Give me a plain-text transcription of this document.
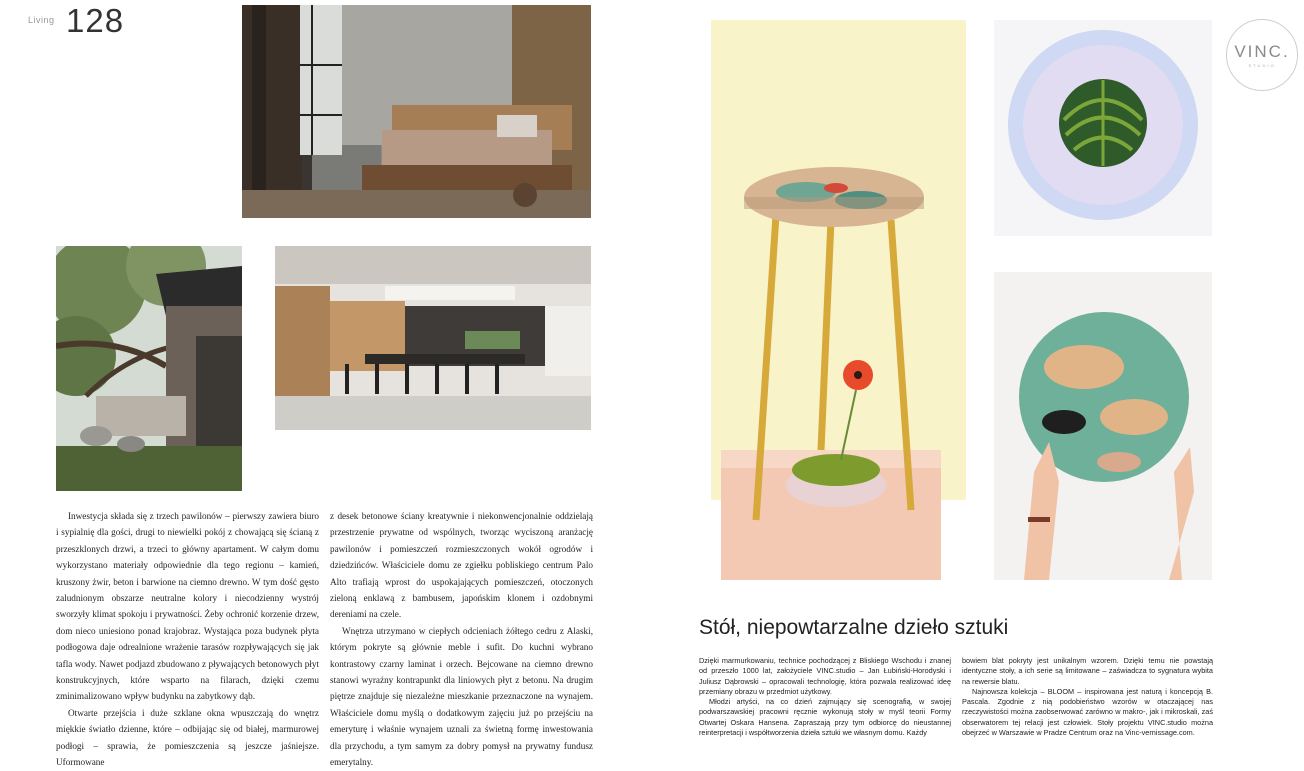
Living 128
VINC.
STUDIO

Inwestycja składa się z trzech pawilonów – pierwszy zawiera biuro i sypialnię dla gości, drugi to niewielki pokój z chowającą się ścianą z przeszklonych drzwi, a trzeci to główny apartament. W całym domu wykorzystano materiały odpowiednie dla tego regionu – kamień, kruszony żwir, beton i barwione na ciemno drewno. W tym dość gęsto zaludnionym obszarze neutralne kolory i niecodzienny wystrój sworzyły klimat spokoju i prywatności. Żeby ochronić korzenie drzew, dom nieco uniesiono ponad krajobraz. Wystająca poza budynek płyta podłogowa daje odrealnione wrażenie tarasów rozpływających się jak tafla wody. Nawet podjazd zbudowano z pływających betonowych płyt konstrukcyjnych, które wsparto na filarach, dzięki czemu zminimalizowano wpływ budynku na zabytkowy dąb.

Otwarte przejścia i duże szklane okna wpuszczają do wnętrz miękkie światło dzienne, które – odbijając się od białej, marmurowej podłogi – sprawia, że pomieszczenia są jeszcze jaśniejsze. Uformowane

z desek betonowe ściany kreatywnie i niekonwencjonalnie oddzielają przestrzenie prywatne od wspólnych, tworząc wyciszoną aranżację pawilonów i pomieszczeń rozmieszczonych wokół ogrodów i dziedzińców. Właściciele domu ze zgiełku pobliskiego centrum Palo Alto trafiają wprost do uspokajających pomieszczeń, otoczonych zieloną enklawą z bambusem, japońskim klonem i ozdobnymi dereniami na czele.

Wnętrza utrzymano w ciepłych odcieniach żółtego cedru z Alaski, którym pokryte są głównie meble i sufit. Do kuchni wybrano kontrastowy czarny laminat i orzech. Bejcowane na ciemno drewno stanowi wyraźny kontrapunkt dla liniowych płyt z betonu. Na drugim piętrze znajduje się niezależne mieszkanie przeznaczone na wynajem. Właściciele domu myślą o dodatkowym zajęciu już po przejściu na emeryturę i właśnie wynajem uznali za świetną formę inwestowania dla przychodu, a tym samym za dobry pomysł na prywatny fundusz emerytalny.

Stół, niepowtarzalne dzieło sztuki

Dzięki marmurkowaniu, technice pochodzącej z Bliskiego Wschodu i znanej od przeszło 1000 lat, założyciele VINC.studio – Jan Łubiński-Horodyski i Juliusz Dąbrowski – opracowali technologię, która pozwala realizować ideę przemiany obrazu w przedmiot użytkowy.

Młodzi artyści, na co dzień zajmujący się scenografią, w swojej podwarszawskiej pracowni ręcznie wykonują stoły w myśl teorii Formy Otwartej Oskara Hansena. Zapraszają przy tym odbiorcę do nieustannej reinterpretacji i współtworzenia dzieła sztuki we własnym domu. Każdy

bowiem blat pokryty jest unikalnym wzorem. Dzięki temu nie powstają identyczne stoły, a ich serie są limitowane – zaświadcza to sygnatura wybita na rewersie blatu.

Najnowsza kolekcja – BLOOM – inspirowana jest naturą i koncepcją B. Pascala. Zgodnie z nią podobieństwo wzorów w otaczającej nas rzeczywistości można zaobserwować zarówno w makro-, jak i mikroskali, zaś obserwatorem tej relacji jest człowiek. Stoły projektu VINC.studio można obejrzeć w Warszawie w Pradze Centrum oraz na Vinc-vernissage.com.
